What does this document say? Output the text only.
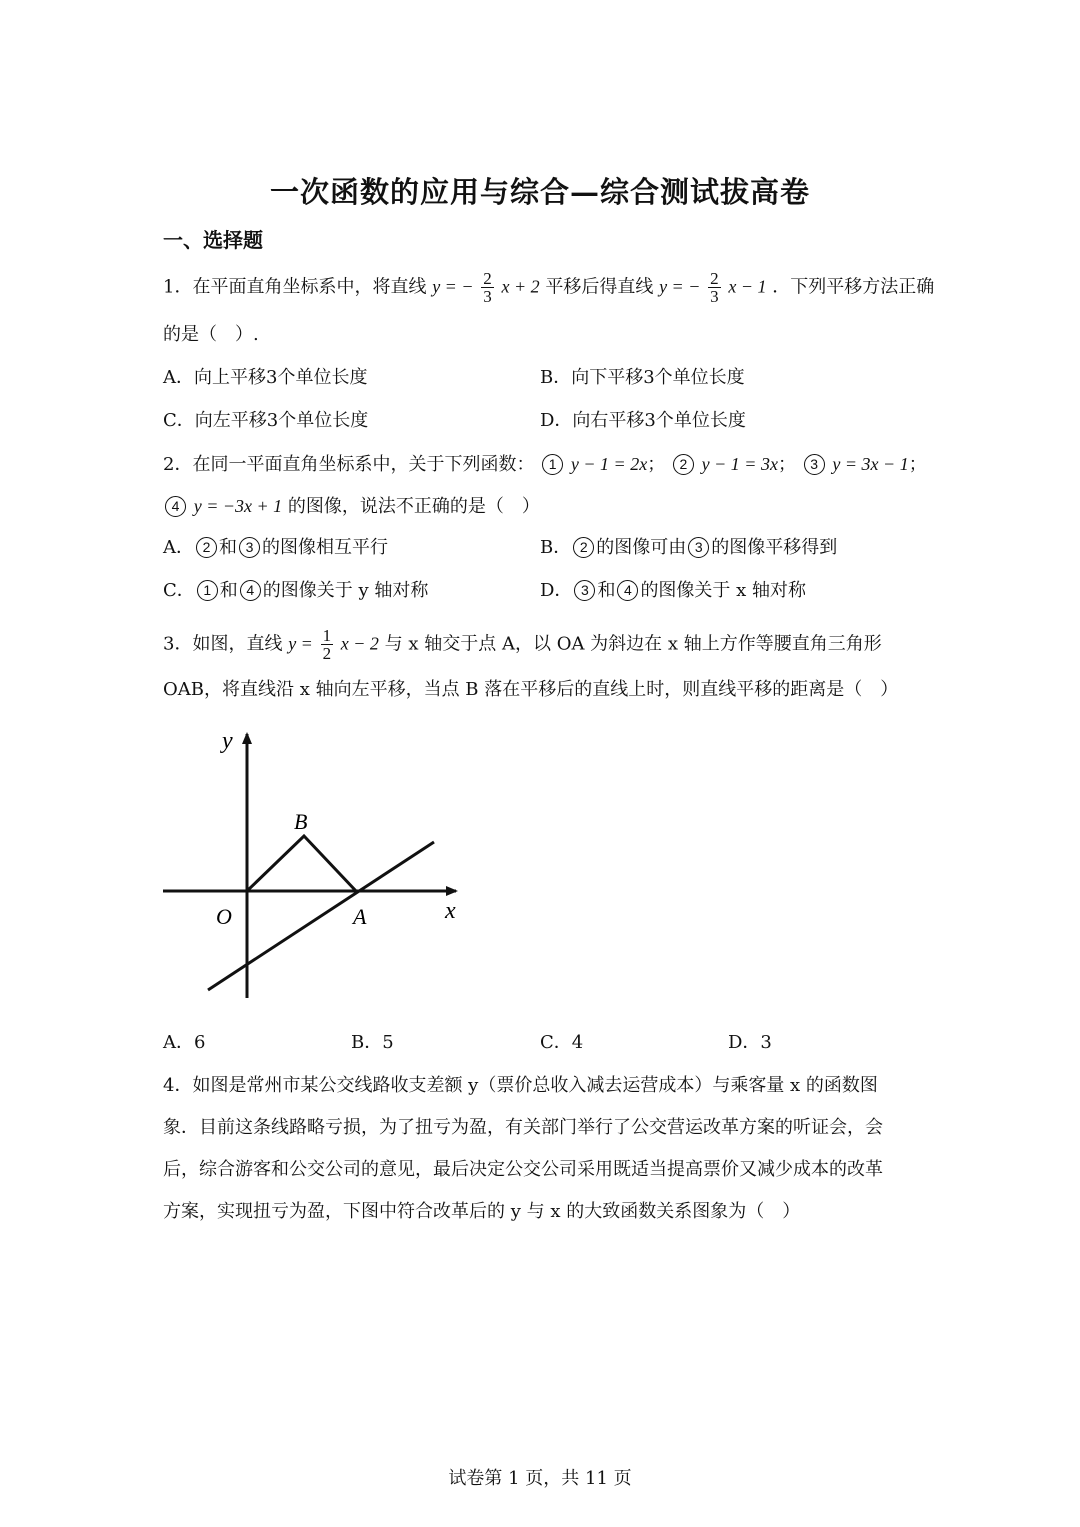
一次函数的应用与综合—综合测试拔高卷
一、选择题
1．在平面直角坐标系中，将直线 y = − $\frac{2}{3}$ x + 2 平移后得直线 y = − $\frac{2}{3}$ x − 1 ．下列平移方法正确
的是（　）.
A．向上平移3个单位长度	B．向下平移3个单位长度
C．向左平移3个单位长度	D．向右平移3个单位长度
2．在同一平面直角坐标系中，关于下列函数： 1 y − 1 = 2x； 2 y − 1 = 3x； 3 y = 3x − 1；
4 y = −3x + 1 的图像，说法不正确的是（　）
A． 2 和 3 的图像相互平行	B． 2 的图像可由 3 的图像平移得到
C． 1 和 4 的图像关于 y 轴对称	D． 3 和 4 的图像关于 x 轴对称
3．如图，直线 $y = \frac{1}{2}$ x − 2 与 x 轴交于点 A，以 OA 为斜边在 x 轴上方作等腰直角三角形
OAB，将直线沿 x 轴向左平移，当点 B 落在平移后的直线上时，则直线平移的距离是（　）
y
x
O	A
B
A．6	B．5	C．4	D．3
4．如图是常州市某公交线路收支差额 y（票价总收入减去运营成本）与乘客量 x 的函数图
象．目前这条线路略亏损，为了扭亏为盈，有关部门举行了公交营运改革方案的听证会，会
后，综合游客和公交公司的意见，最后决定公交公司采用既适当提高票价又减少成本的改革
方案，实现扭亏为盈，下图中符合改革后的 y 与 x 的大致函数关系图象为（　）
试卷第 1 页，共 11 页
